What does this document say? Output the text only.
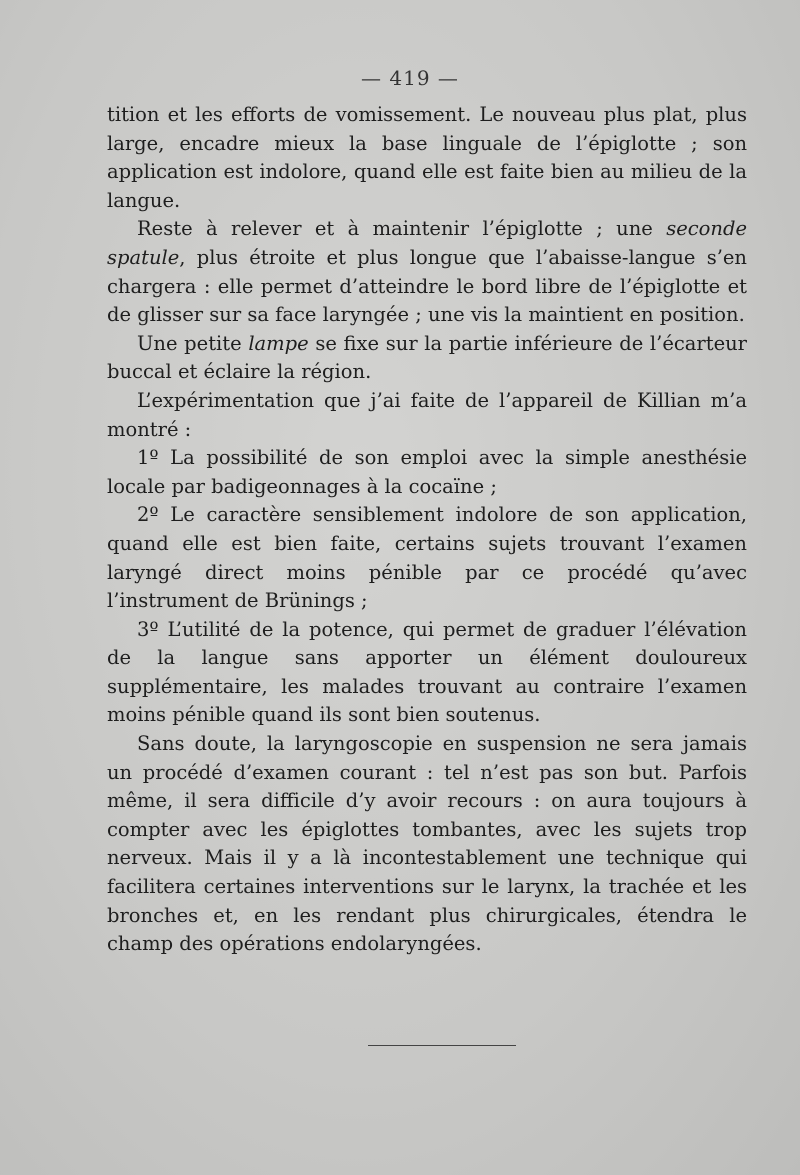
— 419 —

tition et les efforts de vomissement. Le nouveau plus plat, plus large, encadre mieux la base linguale de l’épiglotte ; son application est indolore, quand elle est faite bien au milieu de la langue.

Reste à relever et à maintenir l’épiglotte ; une seconde spatule, plus étroite et plus longue que l’abaisse-langue s’en chargera : elle permet d’atteindre le bord libre de l’épiglotte et de glisser sur sa face laryngée ; une vis la maintient en position.

Une petite lampe se fixe sur la partie inférieure de l’écarteur buccal et éclaire la région.

L’expérimentation que j’ai faite de l’appareil de Killian m’a montré :

1º La possibilité de son emploi avec la simple anesthésie locale par badigeonnages à la cocaïne ;

2º Le caractère sensiblement indolore de son application, quand elle est bien faite, certains sujets trouvant l’examen laryngé direct moins pénible par ce procédé qu’avec l’instrument de Brünings ;

3º L’utilité de la potence, qui permet de graduer l’élévation de la langue sans apporter un élément douloureux supplémentaire, les malades trouvant au contraire l’examen moins pénible quand ils sont bien soutenus.

Sans doute, la laryngoscopie en suspension ne sera jamais un procédé d’examen courant : tel n’est pas son but. Parfois même, il sera difficile d’y avoir recours : on aura toujours à compter avec les épiglottes tombantes, avec les sujets trop nerveux. Mais il y a là incontestablement une technique qui facilitera certaines interventions sur le larynx, la trachée et les bronches et, en les rendant plus chirurgicales, étendra le champ des opérations endolaryngées.
